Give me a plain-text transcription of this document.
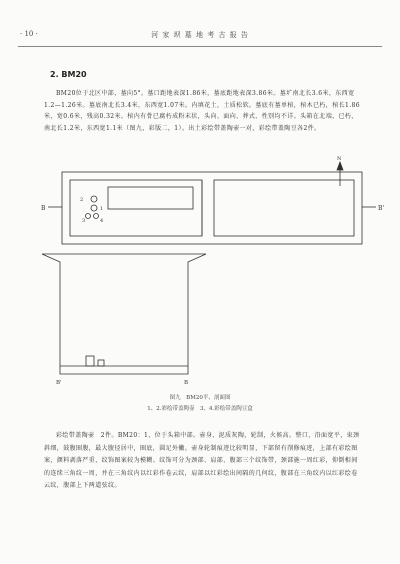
· 10 ·	河 家 坝 墓 地 考 古 报 告
2. BM20
BM20位于北区中部，墓向5°。墓口距地表深1.86米，墓底距地表深3.86米。墓圹南北长3.6米，东西宽1.2—1.26米。墓底南北长3.4米，东西宽1.07米。内填花土，土质松软。墓底有墓单棺，棺木已朽，棺长1.86米，宽0.6米，残高0.32米。棺内有骨已腐朽成粉末状，头向、面向、葬式、性别均不详。头箱在北端，已朽，南北长1.2米，东西宽1.1米（图九，彩版二，1）。出土彩绘带盖陶壶一对，彩绘带盖陶豆各2件。
B	B'
2
1
3	4
N
B'	B
图九　BM20平、剖面图
1、2.彩绘带盖陶壶　3、4.彩绘带盖陶豆盒
彩绘带盖陶壶　2件。BM20：1，位于头箱中部。壶身，泥质灰陶，轮制，火候高。整口，沿面宽平，束颈斜细，鼓腹圈腹，最大腹径居中，圈底，圆足外撇。壶身轮制痕迹比较明显，下部留有削修痕迹，上部有彩绘图案，颜料剥落严重，纹饰图案较为模糊。纹饰可分为颈部、肩部、腹部三个纹饰带，颈部施一周红彩，仰倒相间的连续三角纹一周，并在三角纹内以红彩作卷云纹，肩部以红彩绘出间隔的几何纹，腹部在三角纹内以红彩绘卷云纹，腹部上下两道弦纹。
